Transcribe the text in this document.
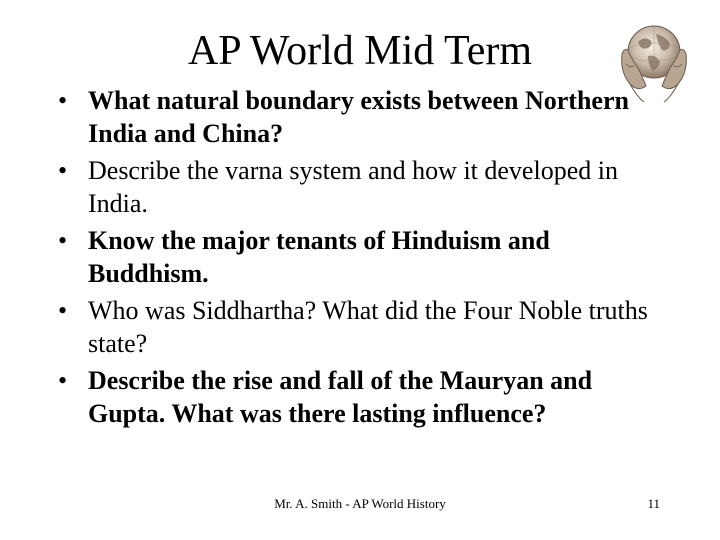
AP World Mid Term
• What natural boundary exists between Northern India and China?
• Describe the varna system and how it developed in India.
• Know the major tenants of Hinduism and Buddhism.
• Who was Siddhartha? What did the Four Noble truths state?
• Describe the rise and fall of the Mauryan and Gupta. What was there lasting influence?
Mr. A. Smith - AP World History	11
